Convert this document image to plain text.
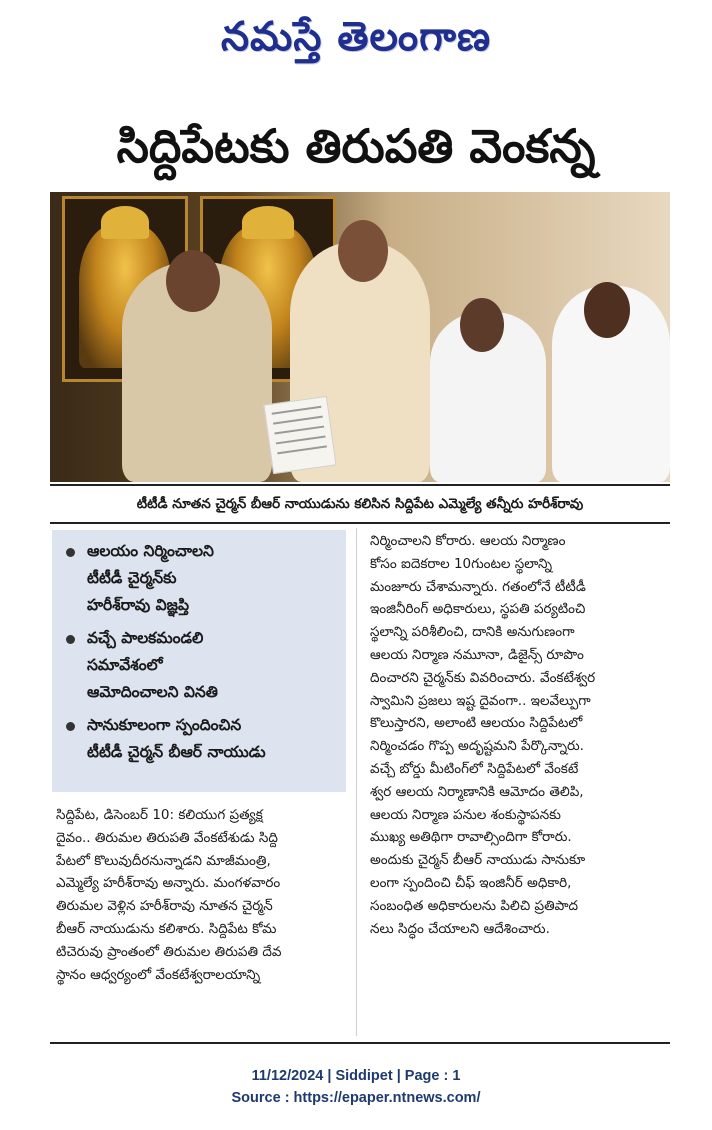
నమస్తే తెలంగాణ
సిద్దిపేటకు తిరుపతి వెంకన్న
టీటీడీ నూతన చైర్మన్ బీఆర్ నాయుడును కలిసిన సిద్దిపేట ఎమ్మెల్యే తన్నీరు హరీశ్‌రావు
ఆలయం నిర్మించాలని
టీటీడీ చైర్మన్‌కు
హరీశ్‌రావు విజ్ఞప్తి
వచ్చే పాలకమండలి
సమావేశంలో
ఆమోదించాలని వినతి
సానుకూలంగా స్పందించిన
టీటీడీ చైర్మన్ బీఆర్ నాయుడు
సిద్దిపేట, డిసెంబర్ 10: కలియుగ ప్రత్యక్ష
దైవం.. తిరుమల తిరుపతి వేంకటేశుడు సిద్ది
పేటలో కొలువుదీరనున్నాడని మాజీమంత్రి,
ఎమ్మెల్యే హరీశ్‌రావు అన్నారు. మంగళవారం
తిరుమల వెళ్లిన హరీశ్‌రావు నూతన చైర్మన్
బీఆర్ నాయుడును కలిశారు. సిద్దిపేట కోమ
టిచెరువు ప్రాంతంలో తిరుమల తిరుపతి దేవ
స్థానం ఆధ్వర్యంలో వేంకటేశ్వరాలయాన్ని
నిర్మించాలని కోరారు. ఆలయ నిర్మాణం
కోసం ఐదెకరాల 10గుంటల స్థలాన్ని
మంజూరు చేశామన్నారు. గతంలోనే టీటీడీ
ఇంజినీరింగ్ అధికారులు, స్థపతి పర్యటించి
స్థలాన్ని పరిశీలించి, దానికి అనుగుణంగా
ఆలయ నిర్మాణ నమూనా, డిజైన్స్ రూపొం
దించారని చైర్మన్‌కు వివరించారు. వేంకటేశ్వర
స్వామిని ప్రజలు ఇష్ట దైవంగా.. ఇలవేల్పుగా
కొలుస్తారని, అలాంటి ఆలయం సిద్దిపేటలో
నిర్మించడం గొప్ప అదృష్టమని పేర్కొన్నారు.
వచ్చే బోర్డు మీటింగ్‌లో సిద్దిపేటలో వేంకటే
శ్వర ఆలయ నిర్మాణానికి ఆమోదం తెలిపి,
ఆలయ నిర్మాణ పనుల శంకుస్థాపనకు
ముఖ్య అతిథిగా రావాల్సిందిగా కోరారు.
అందుకు చైర్మన్ బీఆర్ నాయుడు సానుకూ
లంగా స్పందించి చీఫ్ ఇంజినీర్ అధికారి,
సంబంధిత అధికారులను పిలిచి ప్రతిపాద
నలు సిద్ధం చేయాలని ఆదేశించారు.
11/12/2024 | Siddipet | Page : 1
Source : https://epaper.ntnews.com/
